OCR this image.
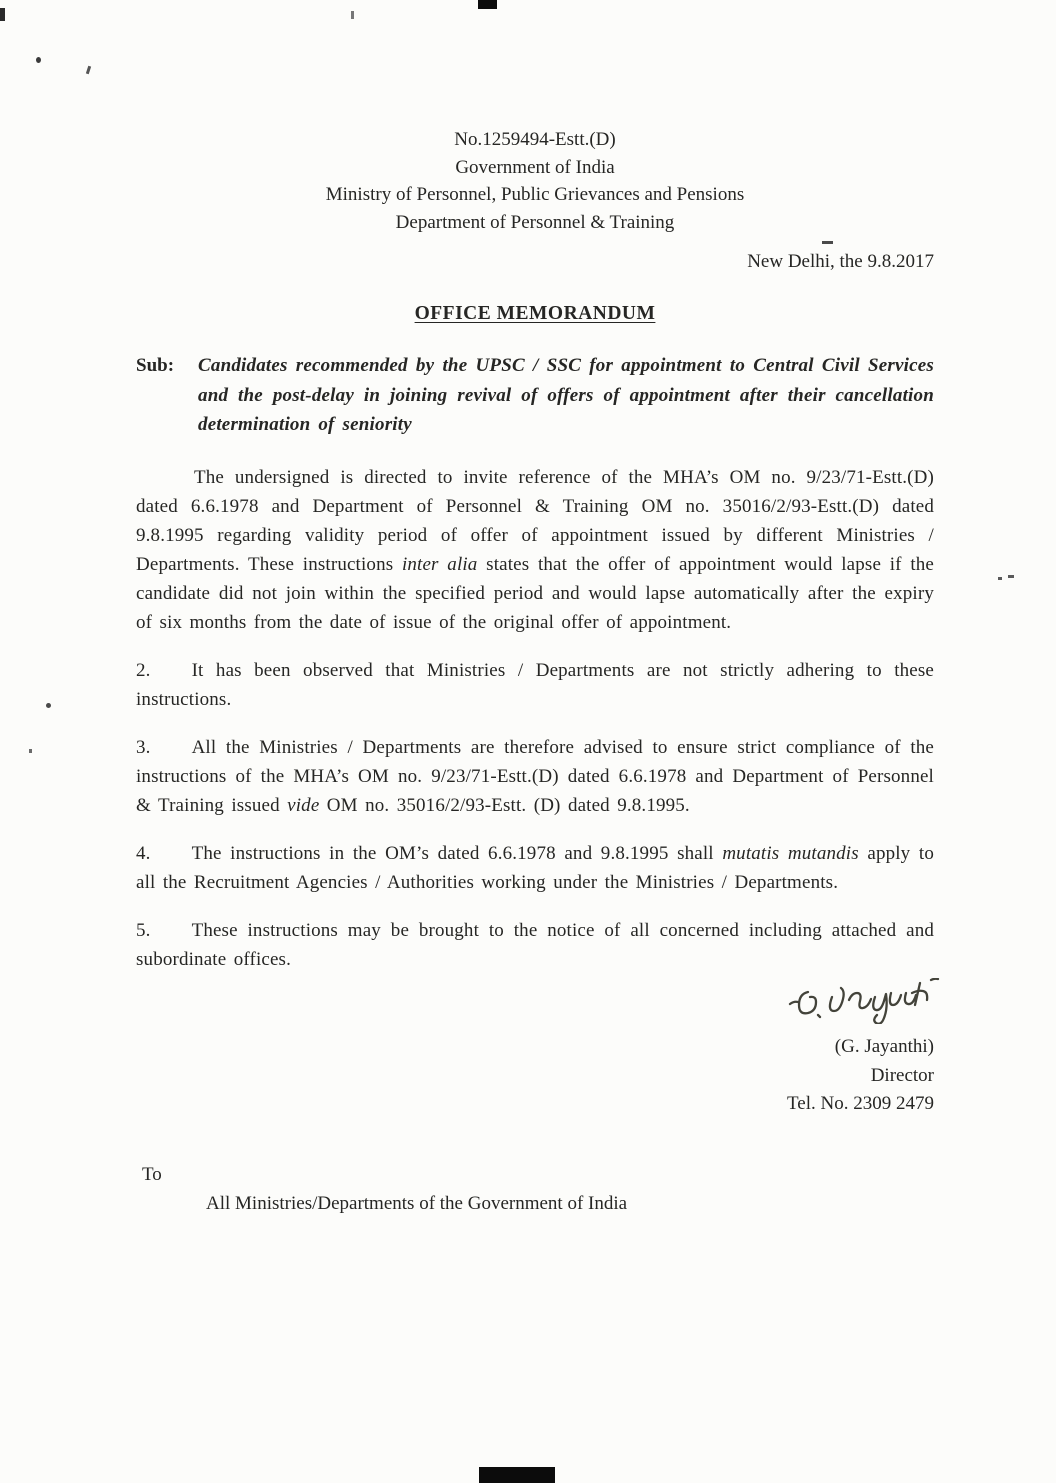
No.1259494-Estt.(D)
Government of India
Ministry of Personnel, Public Grievances and Pensions
Department of Personnel & Training
New Delhi, the 9.8.2017
OFFICE MEMORANDUM
Sub:	Candidates recommended by the UPSC / SSC for appointment to Central Civil Services and the post-delay in joining revival of offers of appointment after their cancellation determination of seniority

The undersigned is directed to invite reference of the MHA’s OM no. 9/23/71-Estt.(D) dated 6.6.1978 and Department of Personnel & Training OM no. 35016/2/93-Estt.(D) dated 9.8.1995 regarding validity period of offer of appointment issued by different Ministries / Departments. These instructions inter alia states that the offer of appointment would lapse if the candidate did not join within the specified period and would lapse automatically after the expiry of six months from the date of issue of the original offer of appointment.

2. It has been observed that Ministries / Departments are not strictly adhering to these instructions.

3. All the Ministries / Departments are therefore advised to ensure strict compliance of the instructions of the MHA’s OM no. 9/23/71-Estt.(D) dated 6.6.1978 and Department of Personnel & Training issued vide OM no. 35016/2/93-Estt. (D) dated 9.8.1995.

4. The instructions in the OM’s dated 6.6.1978 and 9.8.1995 shall mutatis mutandis apply to all the Recruitment Agencies / Authorities working under the Ministries / Departments.

5. These instructions may be brought to the notice of all concerned including attached and subordinate offices.

(G. Jayanthi)
Director
Tel. No. 2309 2479
To
All Ministries/Departments of the Government of India
